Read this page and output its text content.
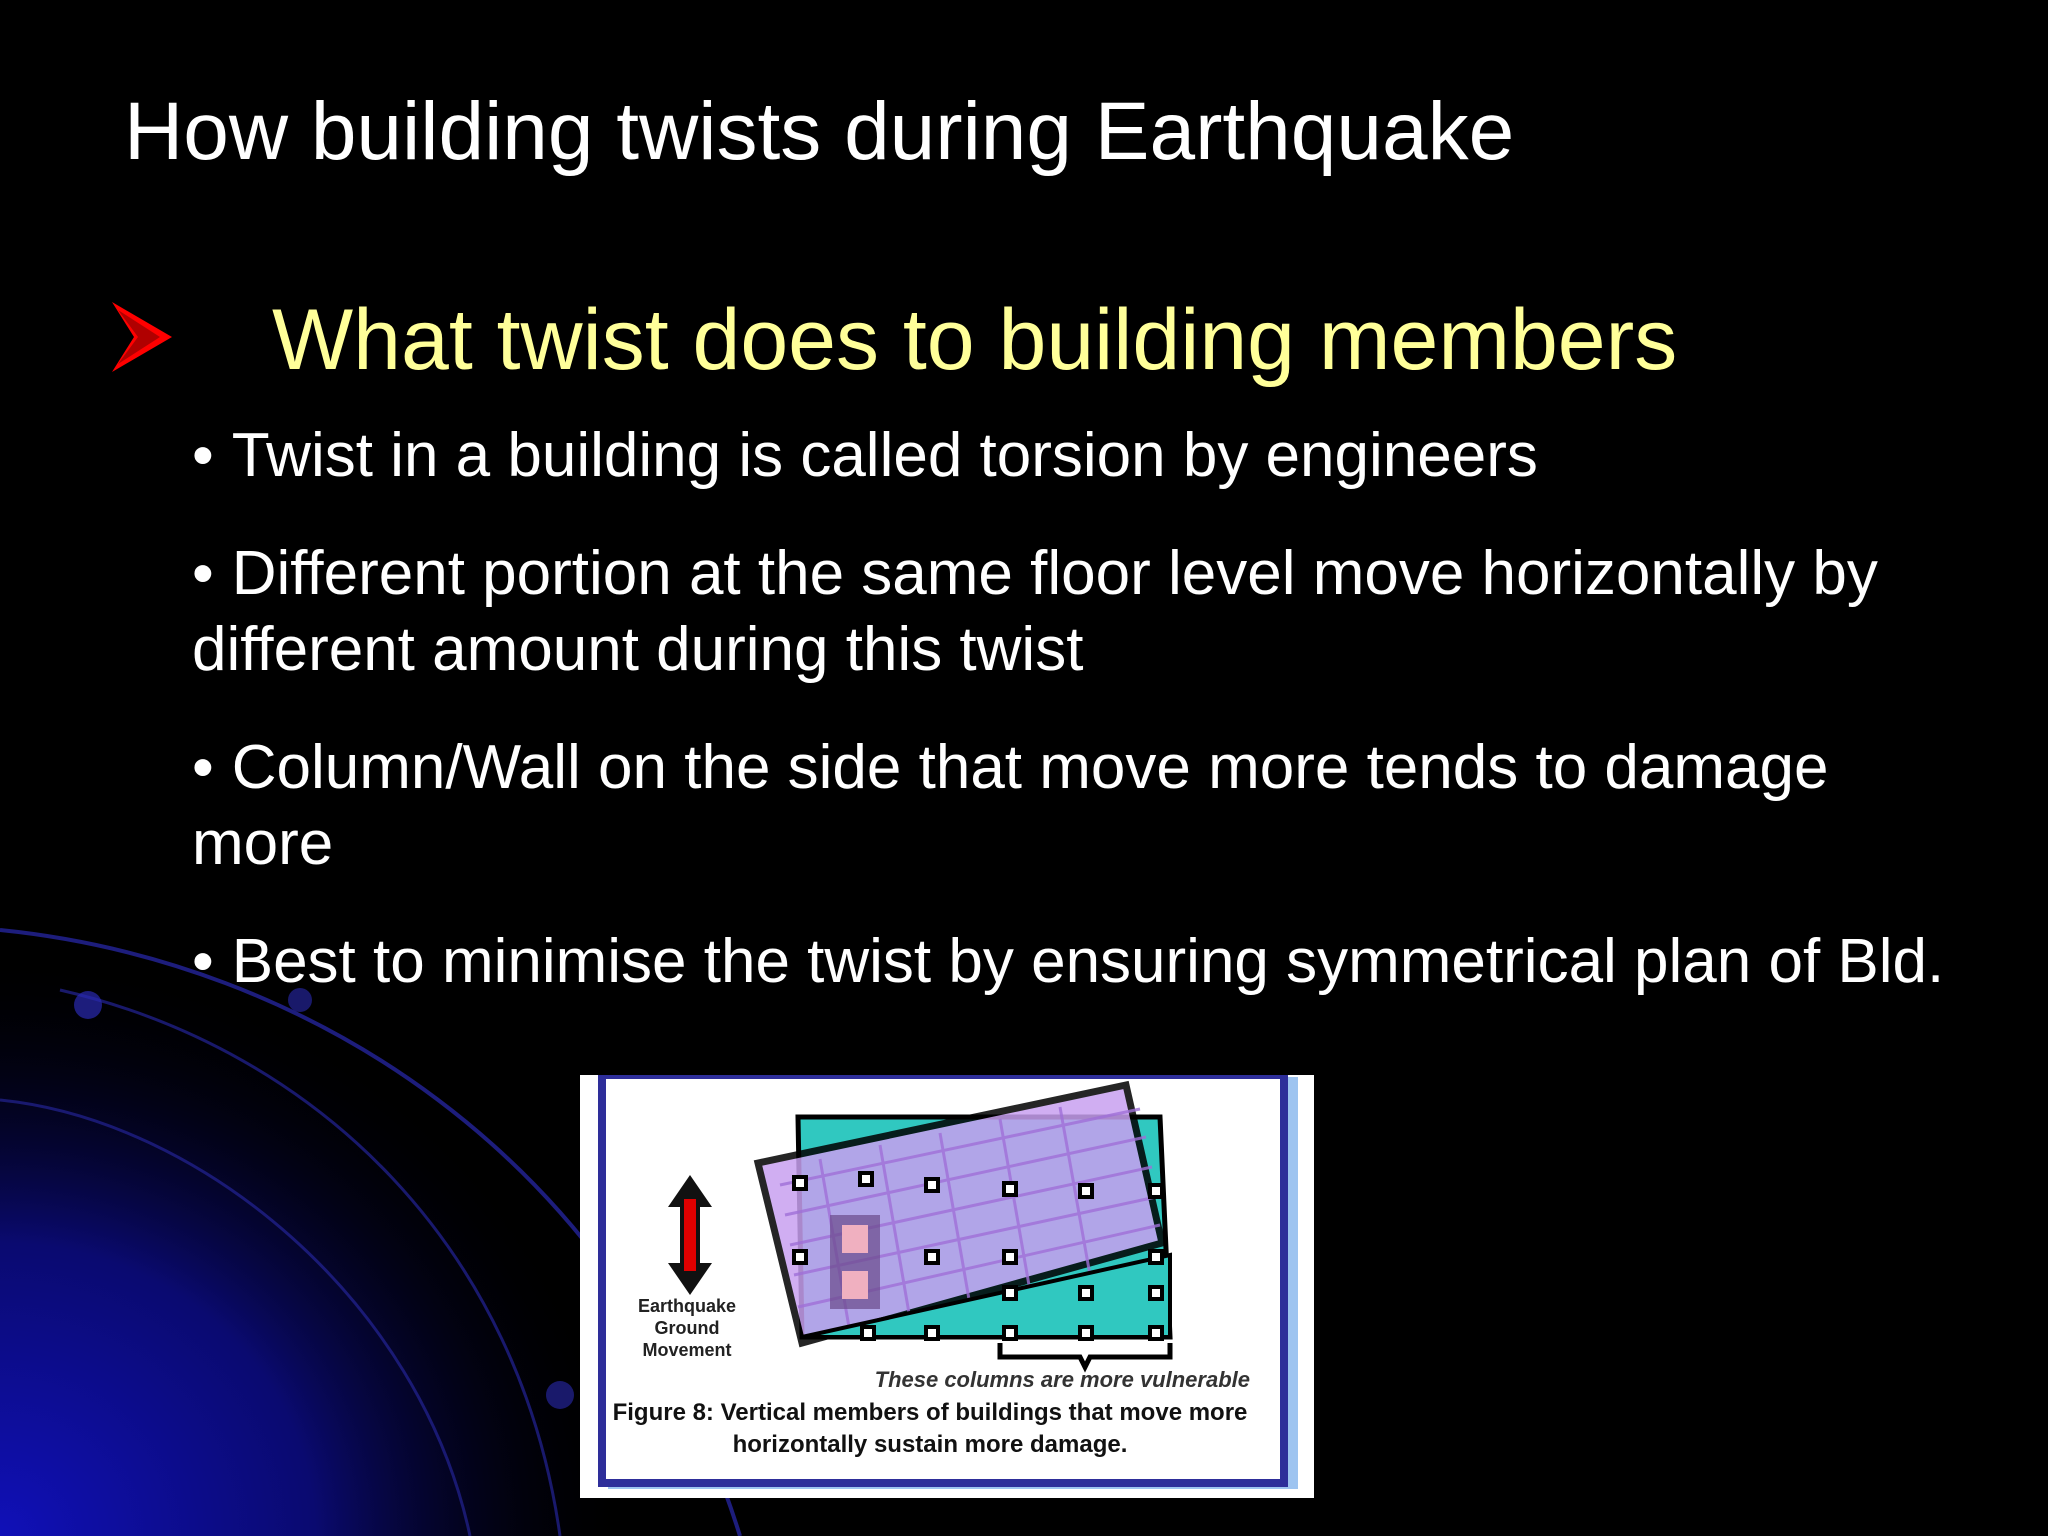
How building twists during Earthquake
What twist does to building members
• Twist in a building is called torsion by engineers
• Different portion at the same floor level move horizontally by different amount during this twist
• Column/Wall on the side that move more tends to damage more
• Best to minimise the twist by ensuring symmetrical plan of Bld.
Earthquake Ground Movement
These columns are more vulnerable
Figure 8: Vertical members of buildings that move more horizontally sustain more damage.
